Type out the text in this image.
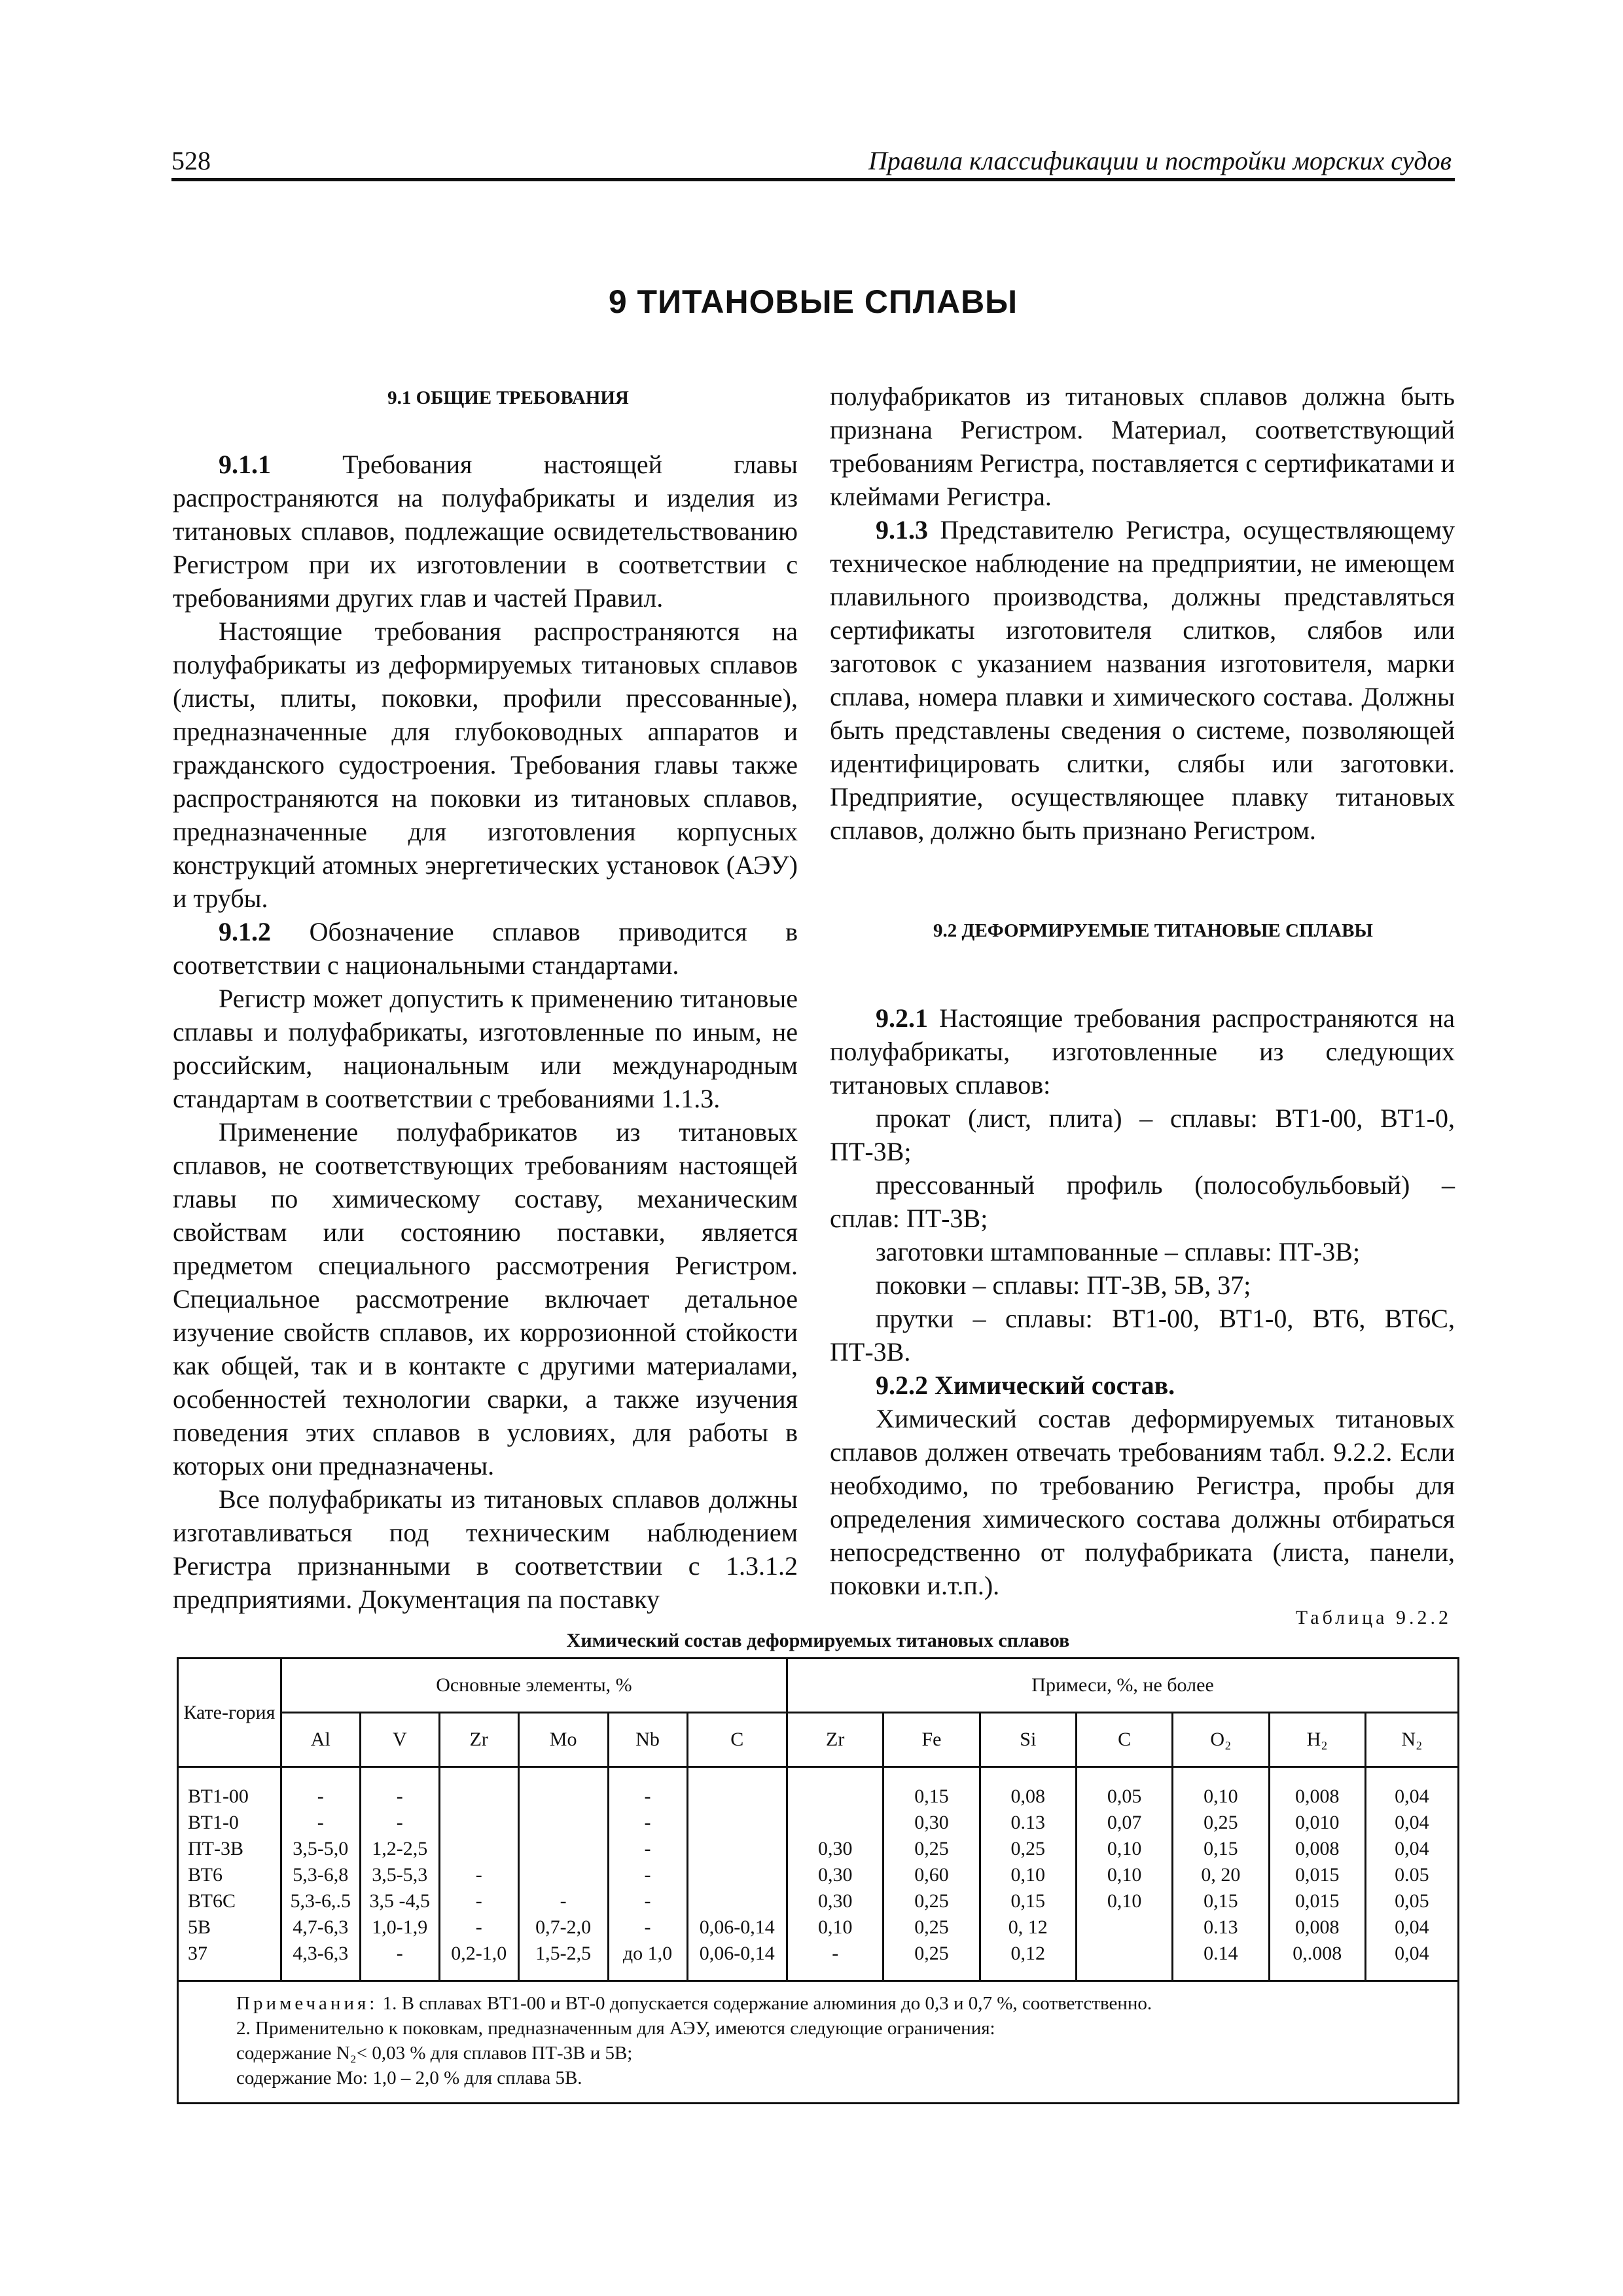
528	Правила классификации и постройки морских судов
9 ТИТАНОВЫЕ СПЛАВЫ

9.1 ОБЩИЕ ТРЕБОВАНИЯ

9.1.1 Требования настоящей главы распространяются на полуфабрикаты и изделия из титановых сплавов, подлежащие освидетельствованию Регистром при их изготовлении в соответствии с требованиями других глав и частей Правил.

Настоящие требования распространяются на полуфабрикаты из деформируемых титановых сплавов (листы, плиты, поковки, профили прессованные), предназначенные для глубоководных аппаратов и гражданского судостроения. Требования главы также распространяются на поковки из титановых сплавов, предназначенные для изготовления корпусных конструкций атомных энергетических установок (АЭУ) и трубы.

9.1.2 Обозначение сплавов приводится в соответствии с национальными стандартами.

Регистр может допустить к применению титановые сплавы и полуфабрикаты, изготовленные по иным, не российским, национальным или международным стандартам в соответствии с требованиями 1.1.3.

Применение полуфабрикатов из титановых сплавов, не соответствующих требованиям настоящей главы по химическому составу, механическим свойствам или состоянию поставки, является предметом специального рассмотрения Регистром. Специальное рассмотрение включает детальное изучение свойств сплавов, их коррозионной стойкости как общей, так и в контакте с другими материалами, особенностей технологии сварки, а также изучения поведения этих сплавов в условиях, для работы в которых они предназначены.

Все полуфабрикаты из титановых сплавов должны изготавливаться под техническим наблюдением Регистра признанными в соответствии с 1.3.1.2 предприятиями. Документация па поставку

полуфабрикатов из титановых сплавов должна быть признана Регистром. Материал, соответствующий требованиям Регистра, поставляется с сертификатами и клеймами Регистра.

9.1.3 Представителю Регистра, осуществляющему техническое наблюдение на предприятии, не имеющем плавильного производства, должны представляться сертификаты изготовителя слитков, слябов или заготовок с указанием названия изготовителя, марки сплава, номера плавки и химического состава. Должны быть представлены сведения о системе, позволяющей идентифицировать слитки, слябы или заготовки. Предприятие, осуществляющее плавку титановых сплавов, должно быть признано Регистром.

9.2 ДЕФОРМИРУЕМЫЕ ТИТАНОВЫЕ СПЛАВЫ

9.2.1 Настоящие требования распространяются на полуфабрикаты, изготовленные из следующих титановых сплавов:

прокат (лист, плита) – сплавы: ВТ1-00, ВТ1-0, ПТ-3В;

прессованный профиль (полособульбовый) – сплав: ПТ-3В;

заготовки штампованные – сплавы: ПТ-3В;

поковки – сплавы: ПТ-3В, 5В, 37;

прутки – сплавы: ВТ1-00, ВТ1-0, ВТ6, ВТ6С, ПТ-3В.

9.2.2 Химический состав.

Химический состав деформируемых титановых сплавов должен отвечать требованиям табл. 9.2.2. Если необходимо, по требованию Регистра, пробы для определения химического состава должны отбираться непосредственно от полуфабриката (листа, панели, поковки и.т.п.).

Таблица 9.2.2
Химический состав деформируемых титановых сплавов
Кате-гория	Основные элементы, %						Примеси, %, не более						
	Al	V	Zr	Mo	Nb	C	Zr	Fe	Si	C	O₂	H₂	N₂
ВТ1-00	-	-			-			0,15	0,08	0,05	0,10	0,008	0,04
ВТ1-0	-	-			-			0,30	0.13	0,07	0,25	0,010	0,04
ПТ-3В	3,5-5,0	1,2-2,5			-		0,30	0,25	0,25	0,10	0,15	0,008	0,04
ВТ6	5,3-6,8	3,5-5,3	-		-		0,30	0,60	0,10	0,10	0, 20	0,015	0.05
ВТ6С	5,3-6,.5	3,5 -4,5	-	-	-		0,30	0,25	0,15	0,10	0,15	0,015	0,05
5В	4,7-6,3	1,0-1,9	-	0,7-2,0	-	0,06-0,14	0,10	0,25	0, 12		0.13	0,008	0,04
37	4,3-6,3	-	0,2-1,0	1,5-2,5	до 1,0	0,06-0,14	-	0,25	0,12		0.14	0,.008	0,04

Примечания: 1. В сплавах ВТ1-00 и ВТ-0 допускается содержание алюминия до 0,3 и 0,7 %, соответственно.
2. Применительно к поковкам, предназначенным для АЭУ, имеются следующие ограничения:
содержание N₂< 0,03 % для сплавов ПТ-3В и 5В;
содержание Mo: 1,0 – 2,0 % для сплава 5В.													
